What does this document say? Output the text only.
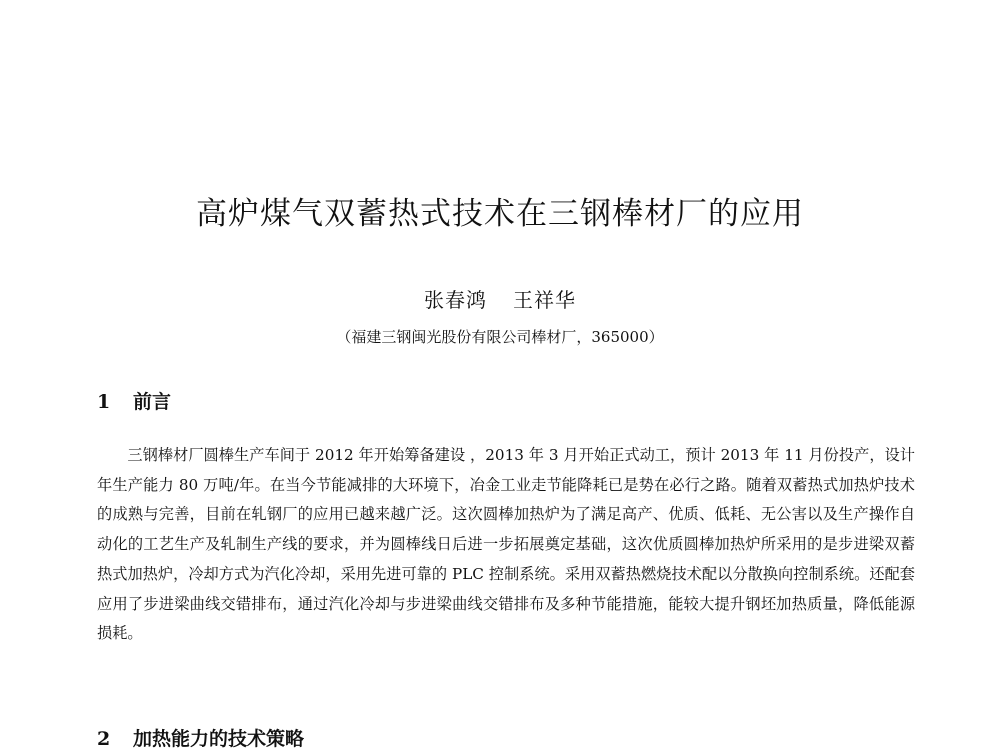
高炉煤气双蓄热式技术在三钢棒材厂的应用
张春鸿 王祥华
（福建三钢闽光股份有限公司棒材厂，365000）
1 前言

三钢棒材厂圆棒生产车间于 2012 年开始筹备建设 ，2013 年 3 月开始正式动工，预计 2013 年 11 月份投产，设计年生产能力 80 万吨/年。在当今节能减排的大环境下，冶金工业走节能降耗已是势在必行之路。随着双蓄热式加热炉技术的成熟与完善，目前在轧钢厂的应用已越来越广泛。这次圆棒加热炉为了满足高产、优质、低耗、无公害以及生产操作自动化的工艺生产及轧制生产线的要求，并为圆棒线日后进一步拓展奠定基础，这次优质圆棒加热炉所采用的是步进梁双蓄热式加热炉，冷却方式为汽化冷却，采用先进可靠的 PLC 控制系统。采用双蓄热燃烧技术配以分散换向控制系统。还配套应用了步进梁曲线交错排布，通过汽化冷却与步进梁曲线交错排布及多种节能措施，能较大提升钢坯加热质量，降低能源损耗。

2 加热能力的技术策略
